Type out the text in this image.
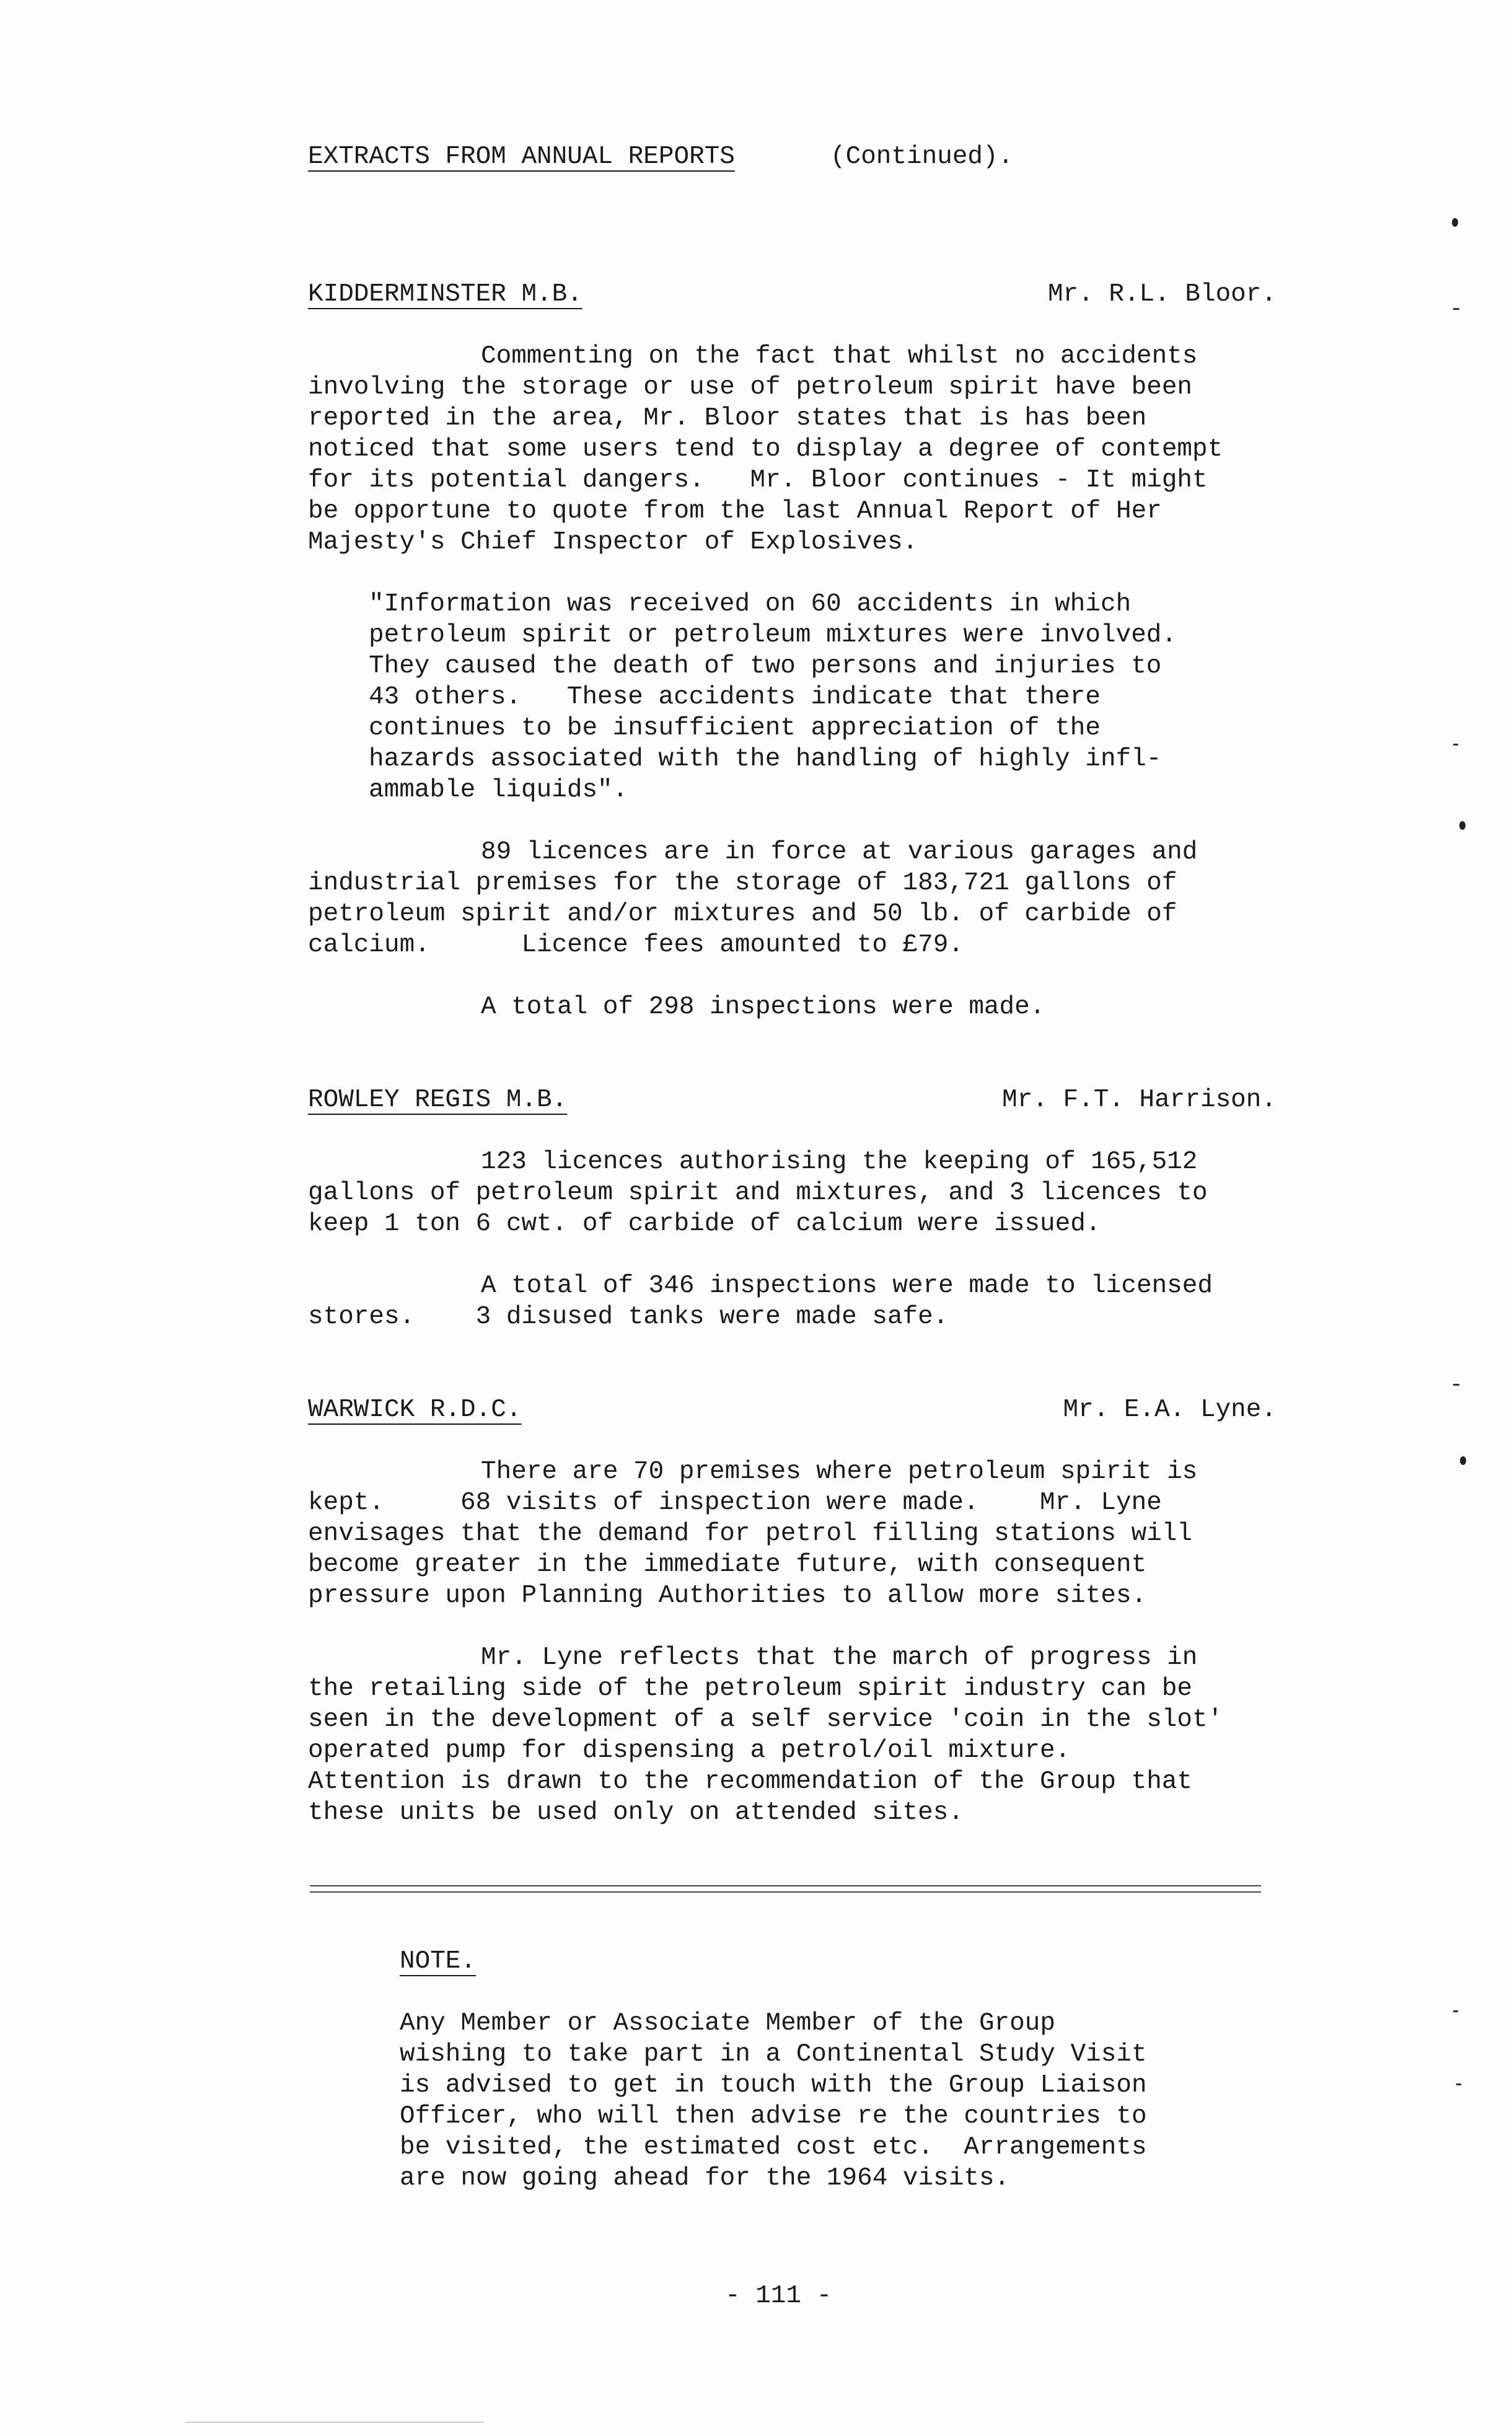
EXTRACTS FROM ANNUAL REPORTS	(Continued).
KIDDERMINSTER M.B.	Mr. R.L. Bloor.
Commenting on the fact that whilst no accidents
involving the storage or use of petroleum spirit have been
reported in the area, Mr. Bloor states that is has been
noticed that some users tend to display a degree of contempt
for its potential dangers.   Mr. Bloor continues - It might
be opportune to quote from the last Annual Report of Her
Majesty's Chief Inspector of Explosives.
"Information was received on 60 accidents in which
petroleum spirit or petroleum mixtures were involved.
They caused the death of two persons and injuries to
43 others.   These accidents indicate that there
continues to be insufficient appreciation of the
hazards associated with the handling of highly infl-
ammable liquids".
89 licences are in force at various garages and
industrial premises for the storage of 183,721 gallons of
petroleum spirit and/or mixtures and 50 lb. of carbide of
calcium.      Licence fees amounted to £79.
A total of 298 inspections were made.
ROWLEY REGIS M.B.	Mr. F.T. Harrison.
123 licences authorising the keeping of 165,512
gallons of petroleum spirit and mixtures, and 3 licences to
keep 1 ton 6 cwt. of carbide of calcium were issued.
A total of 346 inspections were made to licensed
stores.    3 disused tanks were made safe.
WARWICK R.D.C.	Mr. E.A. Lyne.
There are 70 premises where petroleum spirit is
kept.     68 visits of inspection were made.    Mr. Lyne
envisages that the demand for petrol filling stations will
become greater in the immediate future, with consequent
pressure upon Planning Authorities to allow more sites.
Mr. Lyne reflects that the march of progress in
the retailing side of the petroleum spirit industry can be
seen in the development of a self service 'coin in the slot'
operated pump for dispensing a petrol/oil mixture.
Attention is drawn to the recommendation of the Group that
these units be used only on attended sites.
NOTE.
Any Member or Associate Member of the Group
wishing to take part in a Continental Study Visit
is advised to get in touch with the Group Liaison
Officer, who will then advise re the countries to
be visited, the estimated cost etc.  Arrangements
are now going ahead for the 1964 visits.
- 111 -
